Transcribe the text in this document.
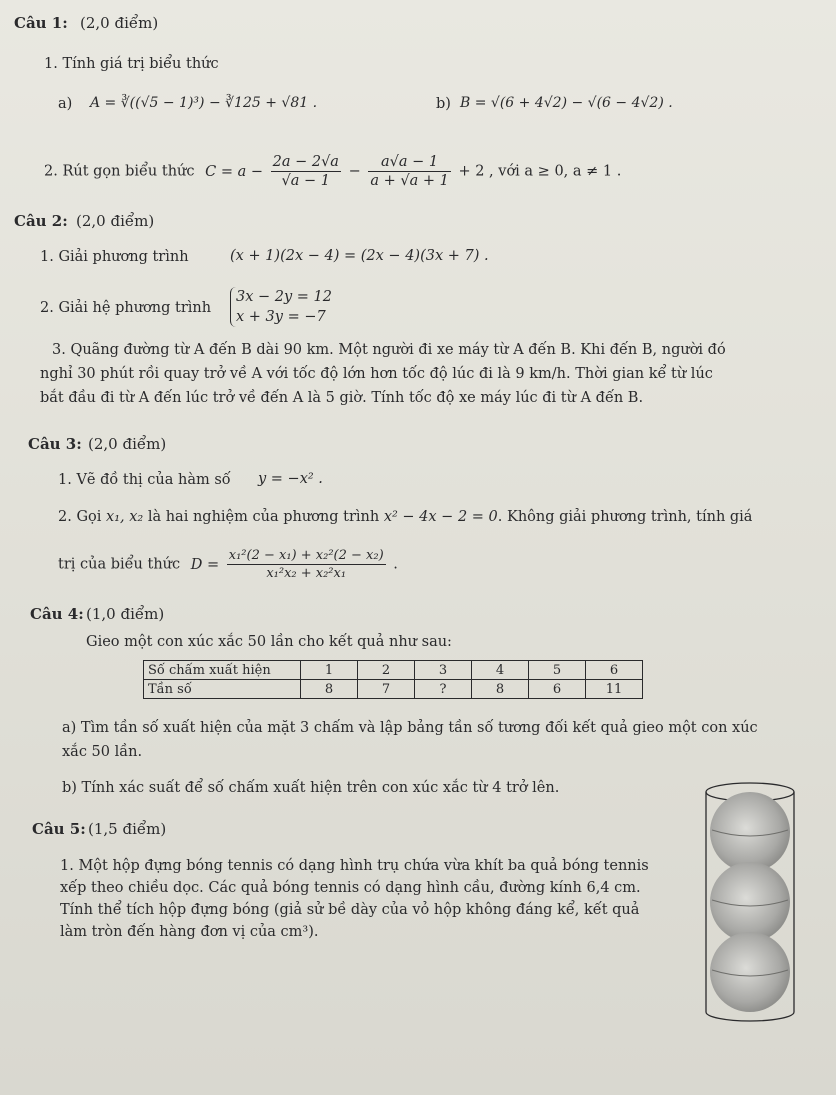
Câu 1: (2,0 điểm)
1. Tính giá trị biểu thức
a) A = ∛((√5 − 1)³) − ∛125 + √81 .	b) B = √(6 + 4√2) − √(6 − 4√2) .
2. Rút gọn biểu thức $C = a - \frac{2a - 2√a}{√a - 1} - \frac{a√a - 1}{a + √a + 1} + 2$ , với a ≥ 0, a ≠ 1 .
Câu 2: (2,0 điểm)
1. Giải phương trình	(x + 1)(2x − 4) = (2x − 4)(3x + 7) .
2. Giải hệ phương trình
3x − 2y = 12
x + 3y = −7
3. Quãng đường từ A đến B dài 90 km. Một người đi xe máy từ A đến B. Khi đến B, người đó
nghỉ 30 phút rồi quay trở về A với tốc độ lớn hơn tốc độ lúc đi là 9 km/h. Thời gian kể từ lúc
bắt đầu đi từ A đến lúc trở về đến A là 5 giờ. Tính tốc độ xe máy lúc đi từ A đến B.
Câu 3: (2,0 điểm)
1. Vẽ đồ thị của hàm số y = −x² .
2. Gọi x₁, x₂ là hai nghiệm của phương trình x² − 4x − 2 = 0. Không giải phương trình, tính giá
trị của biểu thức $D = \frac{\text{x₁²(2 − x₁) + x₂²(2 − x₂)}}{\text{x₁²x₂ + x₂²x₁}}$ .
Câu 4: (1,0 điểm)
Gieo một con xúc xắc 50 lần cho kết quả như sau:
Số chấm xuất hiện	1	2	3	4	5	6
Tần số	8	7	?	8	6	11
a) Tìm tần số xuất hiện của mặt 3 chấm và lập bảng tần số tương đối kết quả gieo một con xúc
xắc 50 lần.
b) Tính xác suất để số chấm xuất hiện trên con xúc xắc từ 4 trở lên.
Câu 5: (1,5 điểm)
1. Một hộp đựng bóng tennis có dạng hình trụ chứa vừa khít ba quả bóng tennis
xếp theo chiều dọc. Các quả bóng tennis có dạng hình cầu, đường kính 6,4 cm.
Tính thể tích hộp đựng bóng (giả sử bề dày của vỏ hộp không đáng kể, kết quả
làm tròn đến hàng đơn vị của cm³).
